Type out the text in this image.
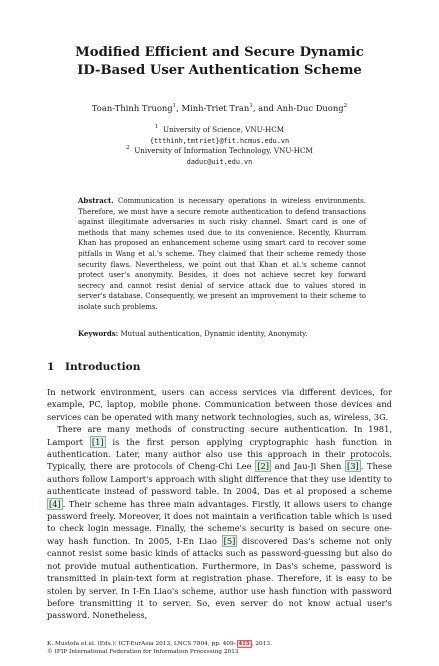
Modified Efficient and Secure Dynamic
ID-Based User Authentication Scheme
Toan-Thinh Truong$^1$, Minh-Triet Tran$^1$, and Anh-Duc Duong$^2$
$^1$ University of Science, VNU-HCM
{ttthinh,tmtriet}@fit.hcmus.edu.vn
$^2$ University of Information Technology, VNU-HCM
daduc@uit.edu.vn
Abstract. Communication is necessary operations in wireless environments. Therefore, we must have a secure remote authentication to defend transactions against illegitimate adversaries in such risky channel. Smart card is one of methods that many schemes used due to its convenience. Recently, Khurram Khan has proposed an enhancement scheme using smart card to recover some pitfalls in Wang et al.'s scheme. They claimed that their scheme remedy those security flaws. Nevertheless, we point out that Khan et al.'s scheme cannot protect user's anonymity. Besides, it does not achieve secret key forward secrecy and cannot resist denial of service attack due to values stored in server's database. Consequently, we present an improvement to their scheme to isolate such problems.
Keywords: Mutual authentication, Dynamic identity, Anonymity.
1 Introduction

In network environment, users can access services via different devices, for example, PC, laptop, mobile phone. Communication between those devices and services can be operated with many network technologies, such as, wireless, 3G.

There are many methods of constructing secure authentication. In 1981, Lamport [1] is the first person applying cryptographic hash function in authentication. Later, many author also use this approach in their protocols. Typically, there are protocols of Cheng-Chi Lee [2] and Jau-Ji Shen [3] . These authors follow Lamport's approach with slight difference that they use identity to authenticate instead of password table. In 2004, Das et al proposed a scheme [4] . Their scheme has three main advantages. Firstly, it allows users to change password freely. Moreover, it does not maintain a verification table which is used to check login message. Finally, the scheme's security is based on secure one-way hash function. In 2005, I-En Liao [5] discovered Das's scheme not only cannot resist some basic kinds of attacks such as password-guessing but also do not provide mutual authentication. Furthermore, in Das's scheme, password is transmitted in plain-text form at registration phase. Therefore, it is easy to be stolen by server. In I-En Liao's scheme, author use hash function with password before transmitting it to server. So, even server do not know actual user's password. Nonetheless,

K. Mustofa et al. (Eds.): ICT-EurAsia 2013, LNCS 7804, pp. 409– 415 , 2013.
© IFIP International Federation for Information Processing 2013
